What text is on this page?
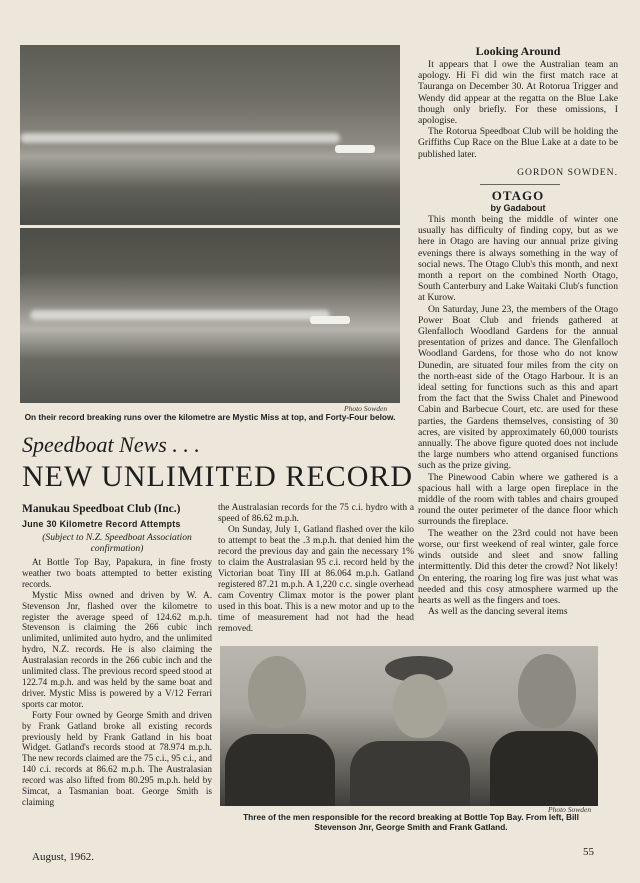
Photo Sowden
On their record breaking runs over the kilometre are Mystic Miss at top, and Forty-Four below.
Looking Around

It appears that I owe the Australian team an apology. Hi Fi did win the first match race at Tauranga on December 30. At Rotorua Trigger and Wendy did appear at the regatta on the Blue Lake though only briefly. For these omissions, I apologise.

The Rotorua Speedboat Club will be holding the Griffiths Cup Race on the Blue Lake at a date to be published later.

GORDON SOWDEN.
OTAGO
by Gadabout

This month being the middle of winter one usually has difficulty of finding copy, but as we here in Otago are having our annual prize giving evenings there is always something in the way of social news. The Otago Club's this month, and next month a report on the combined North Otago, South Canterbury and Lake Waitaki Club's function at Kurow.

On Saturday, June 23, the members of the Otago Power Boat Club and friends gathered at Glenfalloch Woodland Gardens for the annual presentation of prizes and dance. The Glenfalloch Woodland Gardens, for those who do not know Dunedin, are situated four miles from the city on the north-east side of the Otago Harbour. It is an ideal setting for functions such as this and apart from the fact that the Swiss Chalet and Pinewood Cabin and Barbecue Court, etc. are used for these parties, the Gardens themselves, consisting of 30 acres, are visited by approximately 60,000 tourists annually. The above figure quoted does not include the large numbers who attend organised functions such as the prize giving.

The Pinewood Cabin where we gathered is a spacious hall with a large open fireplace in the middle of the room with tables and chairs grouped round the outer perimeter of the dance floor which surrounds the fireplace.

The weather on the 23rd could not have been worse, our first weekend of real winter, gale force winds outside and sleet and snow falling intermittently. Did this deter the crowd? Not likely! On entering, the roaring log fire was just what was needed and this cosy atmosphere warmed up the hearts as well as the fingers and toes.

As well as the dancing several items

Speedboat News . . .
NEW UNLIMITED RECORD
Manukau Speedboat Club (Inc.)
June 30 Kilometre Record Attempts
(Subject to N.Z. Speedboat Association confirmation)

At Bottle Top Bay, Papakura, in fine frosty weather two boats attempted to better existing records.

Mystic Miss owned and driven by W. A. Stevenson Jnr, flashed over the kilometre to register the average speed of 124.62 m.p.h. Stevenson is claiming the 266 cubic inch unlimited, unlimited auto hydro, and the unlimited hydro, N.Z. records. He is also claiming the Australasian records in the 266 cubic inch and the unlimited class. The previous record speed stood at 122.74 m.p.h. and was held by the same boat and driver. Mystic Miss is powered by a V/12 Ferrari sports car motor.

Forty Four owned by George Smith and driven by Frank Gatland broke all existing records previously held by Frank Gatland in his boat Widget. Gatland's records stood at 78.974 m.p.h. The new records claimed are the 75 c.i., 95 c.i., and 140 c.i. records at 86.62 m.p.h. The Australasian record was also lifted from 80.295 m.p.h. held by Simcat, a Tasmanian boat. George Smith is claiming

the Australasian records for the 75 c.i. hydro with a speed of 86.62 m.p.h.

On Sunday, July 1, Gatland flashed over the kilo to attempt to beat the .3 m.p.h. that denied him the record the previous day and gain the necessary 1% to claim the Australasian 95 c.i. record held by the Victorian boat Tiny III at 86.064 m.p.h. Gatland registered 87.21 m.p.h. A 1,220 c.c. single overhead cam Coventry Climax motor is the power plant used in this boat. This is a new motor and up to the time of measurement had not had the head removed.

Photo Sowden
Three of the men responsible for the record breaking at Bottle Top Bay. From left, Bill Stevenson Jnr, George Smith and Frank Gatland.
August, 1962.	55
